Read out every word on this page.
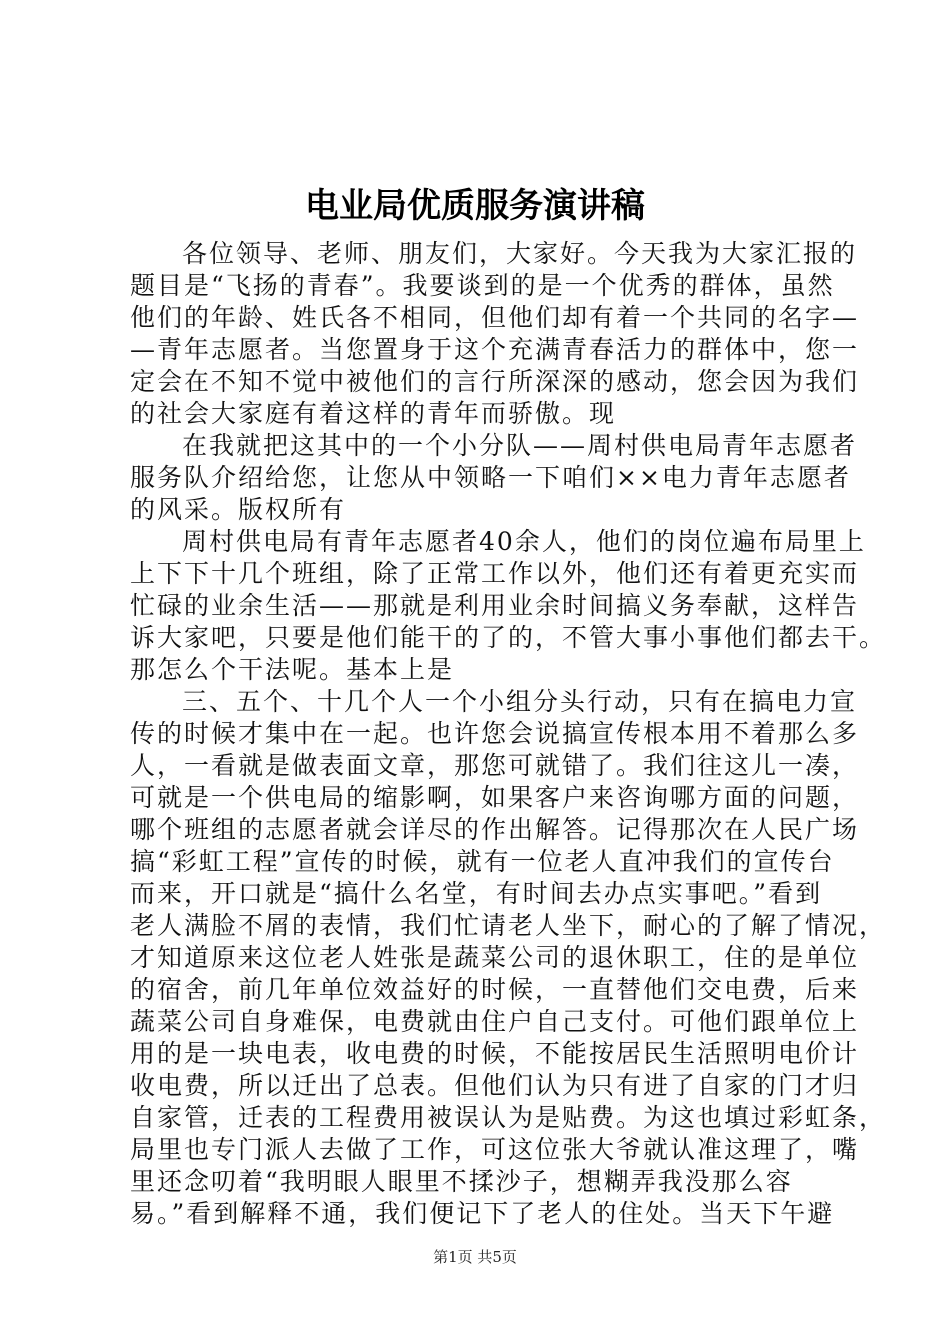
电业局优质服务演讲稿
各位领导、老师、朋友们，大家好。今天我为大家汇报的
题目是“飞扬的青春”。我要谈到的是一个优秀的群体，虽然
他们的年龄、姓氏各不相同，但他们却有着一个共同的名字—
—青年志愿者。当您置身于这个充满青春活力的群体中，您一
定会在不知不觉中被他们的言行所深深的感动，您会因为我们
的社会大家庭有着这样的青年而骄傲。现
在我就把这其中的一个小分队——周村供电局青年志愿者
服务队介绍给您，让您从中领略一下咱们××电力青年志愿者
的风采。版权所有
周村供电局有青年志愿者40余人，他们的岗位遍布局里上
上下下十几个班组，除了正常工作以外，他们还有着更充实而
忙碌的业余生活——那就是利用业余时间搞义务奉献，这样告
诉大家吧，只要是他们能干的了的，不管大事小事他们都去干。
那怎么个干法呢。基本上是
三、五个、十几个人一个小组分头行动，只有在搞电力宣
传的时候才集中在一起。也许您会说搞宣传根本用不着那么多
人，一看就是做表面文章，那您可就错了。我们往这儿一凑，
可就是一个供电局的缩影啊，如果客户来咨询哪方面的问题，
哪个班组的志愿者就会详尽的作出解答。记得那次在人民广场
搞“彩虹工程”宣传的时候，就有一位老人直冲我们的宣传台
而来，开口就是“搞什么名堂，有时间去办点实事吧。”看到
老人满脸不屑的表情，我们忙请老人坐下，耐心的了解了情况，
才知道原来这位老人姓张是蔬菜公司的退休职工，住的是单位
的宿舍，前几年单位效益好的时候，一直替他们交电费，后来
蔬菜公司自身难保，电费就由住户自己支付。可他们跟单位上
用的是一块电表，收电费的时候，不能按居民生活照明电价计
收电费，所以迁出了总表。但他们认为只有进了自家的门才归
自家管，迁表的工程费用被误认为是贴费。为这也填过彩虹条，
局里也专门派人去做了工作，可这位张大爷就认准这理了，嘴
里还念叨着“我明眼人眼里不揉沙子，想糊弄我没那么容
易。”看到解释不通，我们便记下了老人的住处。当天下午避
第1页 共5页
